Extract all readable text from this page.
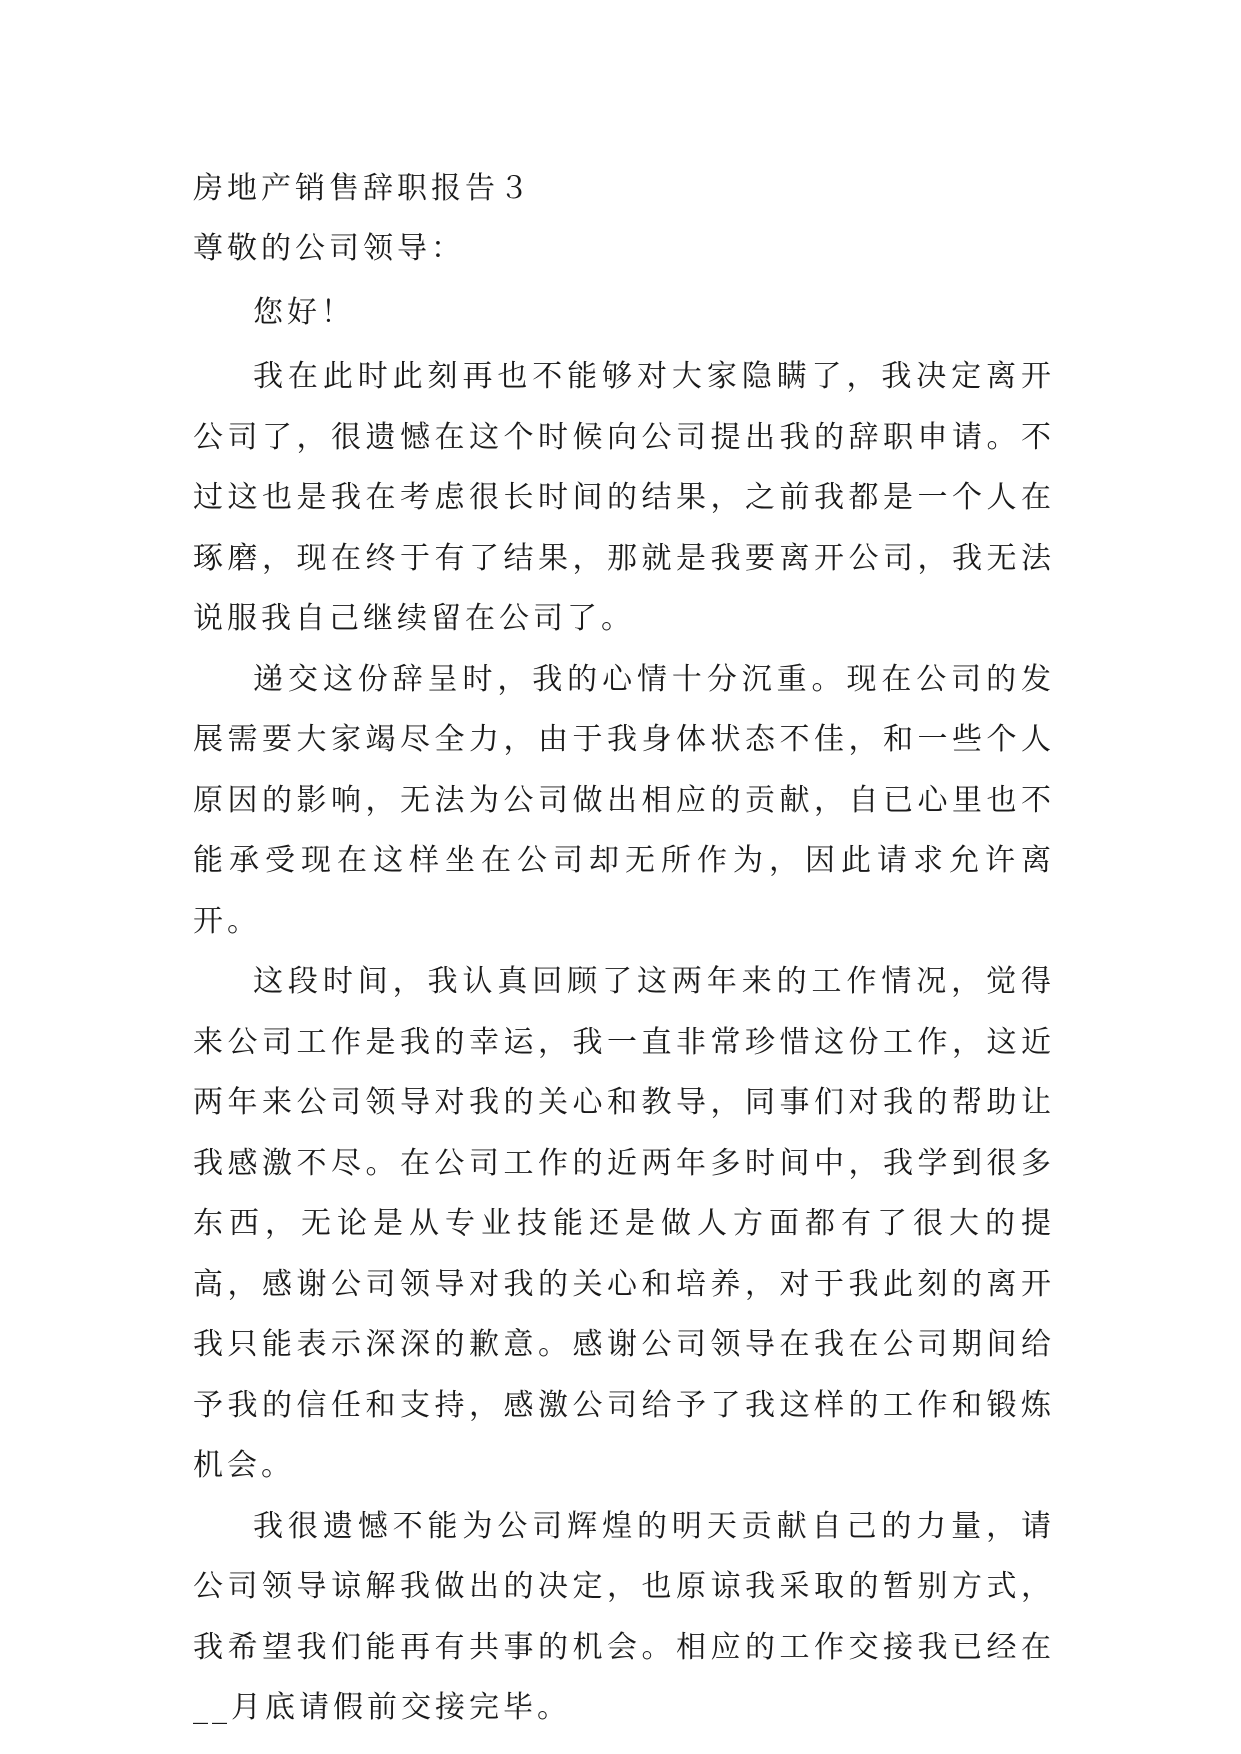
房地产销售辞职报告３

尊敬的公司领导：

您好！

我在此时此刻再也不能够对大家隐瞒了，我决定离开公司了，很遗憾在这个时候向公司提出我的辞职申请。不过这也是我在考虑很长时间的结果，之前我都是一个人在琢磨，现在终于有了结果，那就是我要离开公司，我无法说服我自己继续留在公司了。

递交这份辞呈时，我的心情十分沉重。现在公司的发展需要大家竭尽全力，由于我身体状态不佳，和一些个人原因的影响，无法为公司做出相应的贡献，自已心里也不能承受现在这样坐在公司却无所作为，因此请求允许离开。

这段时间，我认真回顾了这两年来的工作情况，觉得来公司工作是我的幸运，我一直非常珍惜这份工作，这近两年来公司领导对我的关心和教导，同事们对我的帮助让我感激不尽。在公司工作的近两年多时间中，我学到很多东西，无论是从专业技能还是做人方面都有了很大的提高，感谢公司领导对我的关心和培养，对于我此刻的离开我只能表示深深的歉意。感谢公司领导在我在公司期间给予我的信任和支持，感激公司给予了我这样的工作和锻炼机会。

我很遗憾不能为公司辉煌的明天贡献自己的力量，请公司领导谅解我做出的决定，也原谅我采取的暂别方式，我希望我们能再有共事的机会。相应的工作交接我已经在__月底请假前交接完毕。
